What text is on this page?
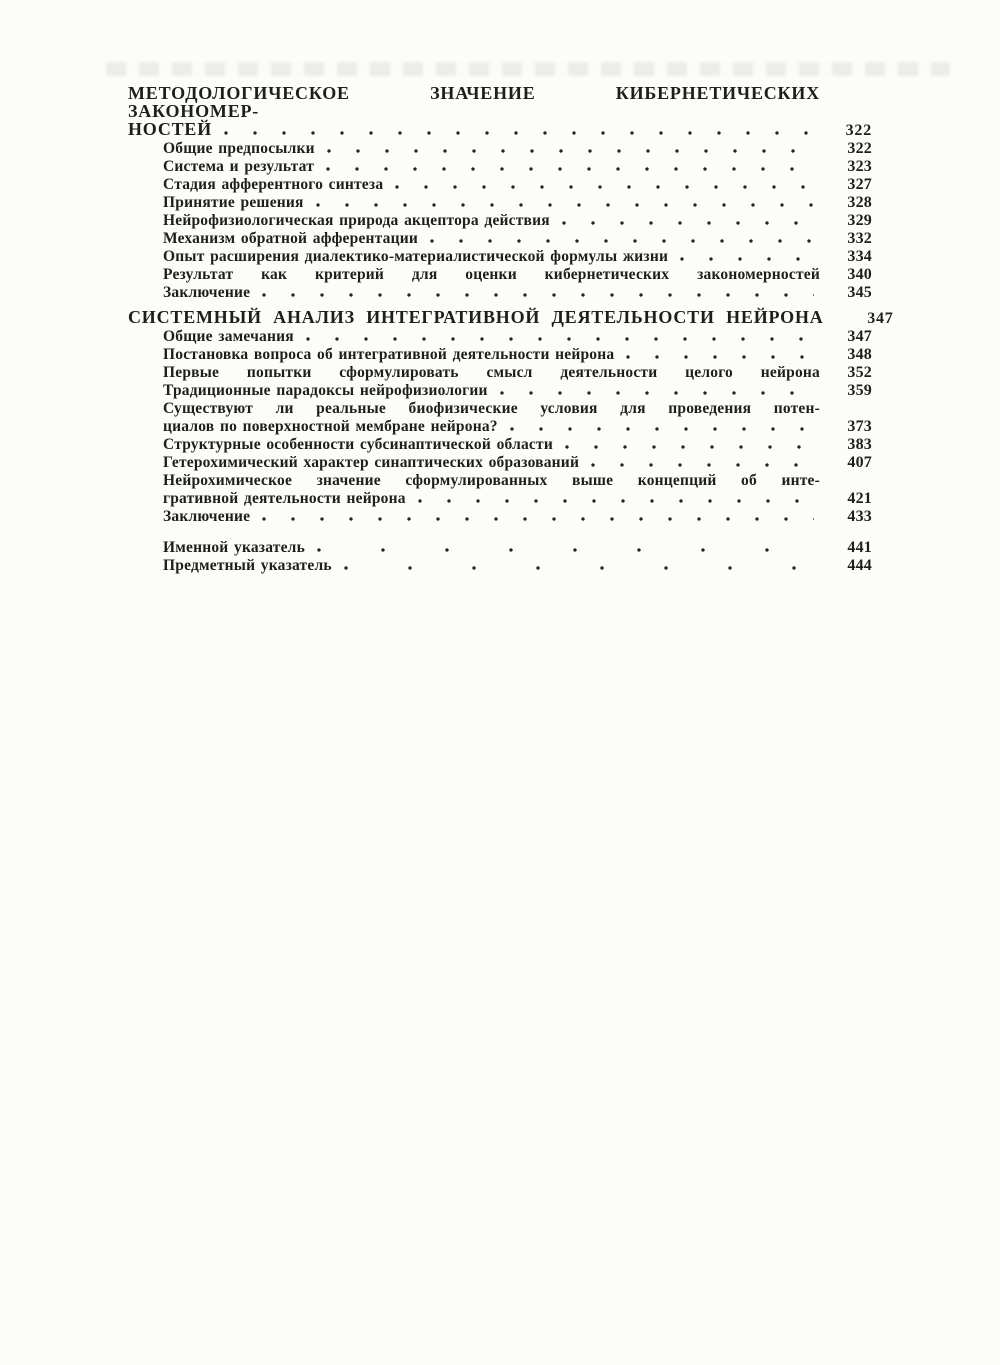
МЕТОДОЛОГИЧЕСКОЕ ЗНАЧЕНИЕ КИБЕРНЕТИЧЕСКИХ ЗАКОНОМЕР-
НОСТЕЙ	322
Общие предпосылки	322
Система и результат	323
Стадия афферентного синтеза	327
Принятие решения	328
Нейрофизиологическая природа акцептора действия	329
Механизм обратной афферентации	332
Опыт расширения диалектико-материалистической формулы жизни	334
Результат как критерий для оценки кибернетических закономерностей	340
Заключение	345
СИСТЕМНЫЙ АНАЛИЗ ИНТЕГРАТИВНОЙ ДЕЯТЕЛЬНОСТИ НЕЙРОНА	347
Общие замечания	347
Постановка вопроса об интегративной деятельности нейрона	348
Первые попытки сформулировать смысл деятельности целого нейрона	352
Традиционные парадоксы нейрофизиологии	359
Существуют ли реальные биофизические условия для проведения потен-
циалов по поверхностной мембране нейрона?	373
Структурные особенности субсинаптической области	383
Гетерохимический характер синаптических образований	407
Нейрохимическое значение сформулированных выше концепций об инте-
гративной деятельности нейрона	421
Заключение	433
Именной указатель	441
Предметный указатель	444
